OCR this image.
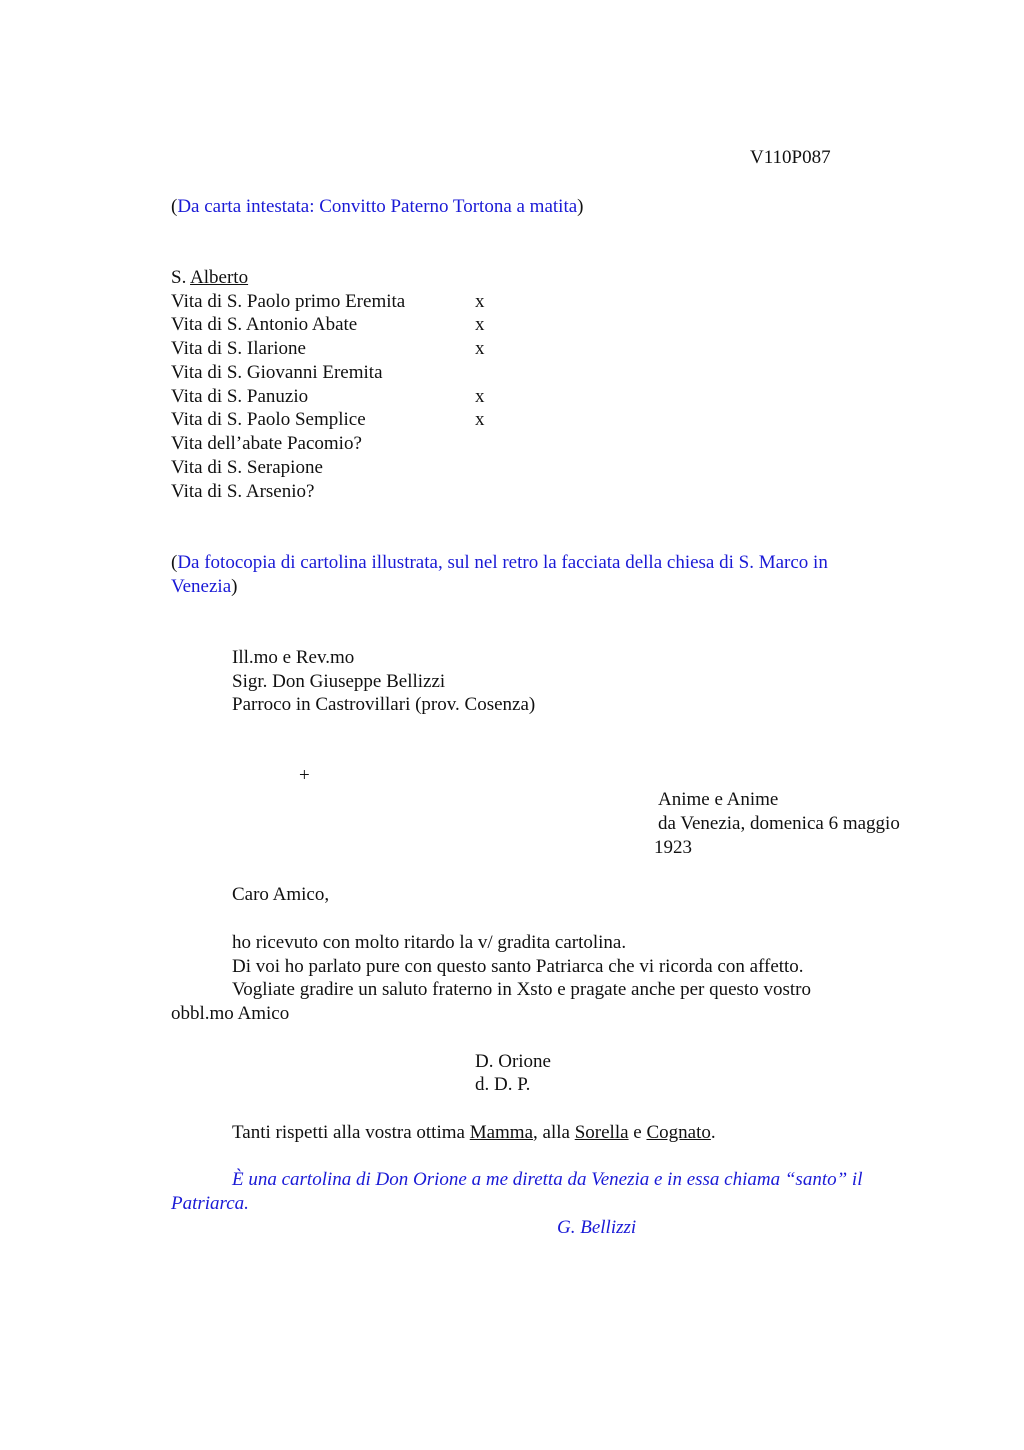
V110P087
(Da carta intestata: Convitto Paterno Tortona a matita)
S. Alberto
Vita di S. Paolo primo Eremita	x
Vita di S. Antonio Abate	x
Vita di S. Ilarione	x
Vita di S. Giovanni Eremita
Vita di S. Panuzio	x
Vita di S. Paolo Semplice	x
Vita dell’abate Pacomio?
Vita di S. Serapione
Vita di S. Arsenio?
(Da fotocopia di cartolina illustrata, sul nel retro la facciata della chiesa di S. Marco in
Venezia)
Ill.mo e Rev.mo
Sigr. Don Giuseppe Bellizzi
Parroco in Castrovillari (prov. Cosenza)
+
Anime e Anime
da Venezia, domenica 6 maggio
1923
Caro Amico,
ho ricevuto con molto ritardo la v/ gradita cartolina.
Di voi ho parlato pure con questo santo Patriarca che vi ricorda con affetto.
Vogliate gradire un saluto fraterno in Xsto e pragate anche per questo vostro
obbl.mo Amico
D. Orione
d. D. P.
Tanti rispetti alla vostra ottima Mamma, alla Sorella e Cognato.
È una cartolina di Don Orione a me diretta da Venezia e in essa chiama “santo” il
Patriarca.
G. Bellizzi
